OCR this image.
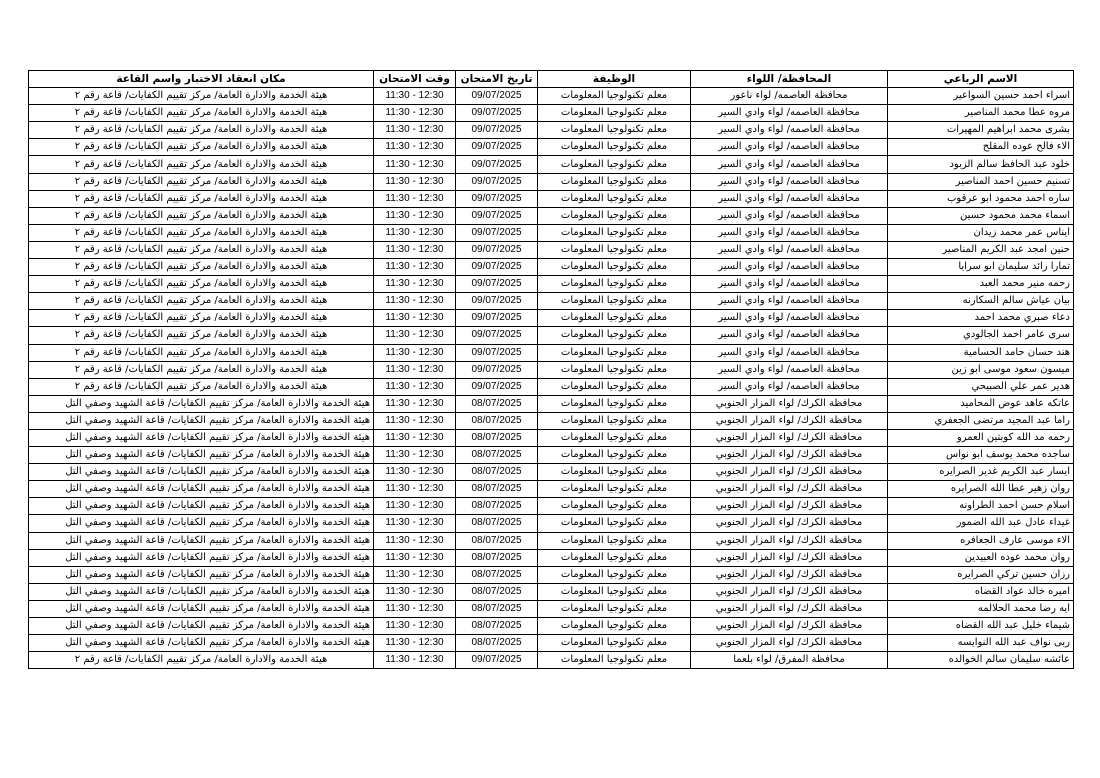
الاسم الرباعي	المحافظة/ اللواء	الوظيفة	تاريخ الامتحان	وقت الامتحان	مكان انعقاد الاختبار واسم القاعة
اسراء احمد حسين السواعير	محافظة العاصمه/ لواء ناعور	معلم تكنولوجيا المعلومات	09/07/2025	11:30 - 12:30	هيئة الخدمة والادارة العامة/ مركز تقييم الكفايات/ قاعة رقم ٢
مروه عطا محمد المناصير	محافظة العاصمه/ لواء وادي السير	معلم تكنولوجيا المعلومات	09/07/2025	11:30 - 12:30	هيئة الخدمة والادارة العامة/ مركز تقييم الكفايات/ قاعة رقم ٢
بشرى محمد ابراهيم المهيرات	محافظة العاصمه/ لواء وادي السير	معلم تكنولوجيا المعلومات	09/07/2025	11:30 - 12:30	هيئة الخدمة والادارة العامة/ مركز تقييم الكفايات/ قاعة رقم ٢
الاء فالح عوده المقلح	محافظة العاصمه/ لواء وادي السير	معلم تكنولوجيا المعلومات	09/07/2025	11:30 - 12:30	هيئة الخدمة والادارة العامة/ مركز تقييم الكفايات/ قاعة رقم ٢
خلود عبد الحافظ سالم الزبود	محافظة العاصمه/ لواء وادي السير	معلم تكنولوجيا المعلومات	09/07/2025	11:30 - 12:30	هيئة الخدمة والادارة العامة/ مركز تقييم الكفايات/ قاعة رقم ٢
تسنيم حسين احمد المناصير	محافظة العاصمه/ لواء وادي السير	معلم تكنولوجيا المعلومات	09/07/2025	11:30 - 12:30	هيئة الخدمة والادارة العامة/ مركز تقييم الكفايات/ قاعة رقم ٢
ساره احمد محمود ابو عرقوب	محافظة العاصمه/ لواء وادي السير	معلم تكنولوجيا المعلومات	09/07/2025	11:30 - 12:30	هيئة الخدمة والادارة العامة/ مركز تقييم الكفايات/ قاعة رقم ٢
اسماء محمد محمود حسين	محافظة العاصمه/ لواء وادي السير	معلم تكنولوجيا المعلومات	09/07/2025	11:30 - 12:30	هيئة الخدمة والادارة العامة/ مركز تقييم الكفايات/ قاعة رقم ٢
ايناس عمر محمد زيدان	محافظة العاصمه/ لواء وادي السير	معلم تكنولوجيا المعلومات	09/07/2025	11:30 - 12:30	هيئة الخدمة والادارة العامة/ مركز تقييم الكفايات/ قاعة رقم ٢
حنين امجد عبد الكريم المناصير	محافظة العاصمه/ لواء وادي السير	معلم تكنولوجيا المعلومات	09/07/2025	11:30 - 12:30	هيئة الخدمة والادارة العامة/ مركز تقييم الكفايات/ قاعة رقم ٢
تمارا رائد سليمان ابو سرايا	محافظة العاصمه/ لواء وادي السير	معلم تكنولوجيا المعلومات	09/07/2025	11:30 - 12:30	هيئة الخدمة والادارة العامة/ مركز تقييم الكفايات/ قاعة رقم ٢
رحمه منير محمد العبد	محافظة العاصمه/ لواء وادي السير	معلم تكنولوجيا المعلومات	09/07/2025	11:30 - 12:30	هيئة الخدمة والادارة العامة/ مركز تقييم الكفايات/ قاعة رقم ٢
بيان عياش سالم السكارنه	محافظة العاصمه/ لواء وادي السير	معلم تكنولوجيا المعلومات	09/07/2025	11:30 - 12:30	هيئة الخدمة والادارة العامة/ مركز تقييم الكفايات/ قاعة رقم ٢
دعاء صبري محمد احمد	محافظة العاصمه/ لواء وادي السير	معلم تكنولوجيا المعلومات	09/07/2025	11:30 - 12:30	هيئة الخدمة والادارة العامة/ مركز تقييم الكفايات/ قاعة رقم ٢
سرى عامر احمد الجالودي	محافظة العاصمه/ لواء وادي السير	معلم تكنولوجيا المعلومات	09/07/2025	11:30 - 12:30	هيئة الخدمة والادارة العامة/ مركز تقييم الكفايات/ قاعة رقم ٢
هند حسان حامد الحسامية	محافظة العاصمه/ لواء وادي السير	معلم تكنولوجيا المعلومات	09/07/2025	11:30 - 12:30	هيئة الخدمة والادارة العامة/ مركز تقييم الكفايات/ قاعة رقم ٢
ميسون سعود موسى ابو زين	محافظة العاصمه/ لواء وادي السير	معلم تكنولوجيا المعلومات	09/07/2025	11:30 - 12:30	هيئة الخدمة والادارة العامة/ مركز تقييم الكفايات/ قاعة رقم ٢
هدير عمر علي الصبيحي	محافظة العاصمه/ لواء وادي السير	معلم تكنولوجيا المعلومات	09/07/2025	11:30 - 12:30	هيئة الخدمة والادارة العامة/ مركز تقييم الكفايات/ قاعة رقم ٢
عاتكه عاهد عوض المحاميد	محافظة الكرك/ لواء المزار الجنوبي	معلم تكنولوجيا المعلومات	08/07/2025	11:30 - 12:30	هيئة الخدمة والادارة العامة/ مركز تقييم الكفايات/ قاعة الشهيد وصفي التل
راما عبد المجيد مرتضى الجعفري	محافظة الكرك/ لواء المزار الجنوبي	معلم تكنولوجيا المعلومات	08/07/2025	11:30 - 12:30	هيئة الخدمة والادارة العامة/ مركز تقييم الكفايات/ قاعة الشهيد وصفي التل
رحمه مد الله كوبتين العمرو	محافظة الكرك/ لواء المزار الجنوبي	معلم تكنولوجيا المعلومات	08/07/2025	11:30 - 12:30	هيئة الخدمة والادارة العامة/ مركز تقييم الكفايات/ قاعة الشهيد وصفي التل
ساجده محمد يوسف ابو نواس	محافظة الكرك/ لواء المزار الجنوبي	معلم تكنولوجيا المعلومات	08/07/2025	11:30 - 12:30	هيئة الخدمة والادارة العامة/ مركز تقييم الكفايات/ قاعة الشهيد وصفي التل
ايسار عبد الكريم غدير الصرايره	محافظة الكرك/ لواء المزار الجنوبي	معلم تكنولوجيا المعلومات	08/07/2025	11:30 - 12:30	هيئة الخدمة والادارة العامة/ مركز تقييم الكفايات/ قاعة الشهيد وصفي التل
روان زهير عطا الله الصرايره	محافظة الكرك/ لواء المزار الجنوبي	معلم تكنولوجيا المعلومات	08/07/2025	11:30 - 12:30	هيئة الخدمة والادارة العامة/ مركز تقييم الكفايات/ قاعة الشهيد وصفي التل
اسلام حسن احمد الطراونه	محافظة الكرك/ لواء المزار الجنوبي	معلم تكنولوجيا المعلومات	08/07/2025	11:30 - 12:30	هيئة الخدمة والادارة العامة/ مركز تقييم الكفايات/ قاعة الشهيد وصفي التل
غيداء عادل عبد الله الضمور	محافظة الكرك/ لواء المزار الجنوبي	معلم تكنولوجيا المعلومات	08/07/2025	11:30 - 12:30	هيئة الخدمة والادارة العامة/ مركز تقييم الكفايات/ قاعة الشهيد وصفي التل
الاء موسى عارف الجعافره	محافظة الكرك/ لواء المزار الجنوبي	معلم تكنولوجيا المعلومات	08/07/2025	11:30 - 12:30	هيئة الخدمة والادارة العامة/ مركز تقييم الكفايات/ قاعة الشهيد وصفي التل
روان محمد عوده العبيدين	محافظة الكرك/ لواء المزار الجنوبي	معلم تكنولوجيا المعلومات	08/07/2025	11:30 - 12:30	هيئة الخدمة والادارة العامة/ مركز تقييم الكفايات/ قاعة الشهيد وصفي التل
رزان حسين تركي الصرايره	محافظة الكرك/ لواء المزار الجنوبي	معلم تكنولوجيا المعلومات	08/07/2025	11:30 - 12:30	هيئة الخدمة والادارة العامة/ مركز تقييم الكفايات/ قاعة الشهيد وصفي التل
اميره خالد عواد القضاه	محافظة الكرك/ لواء المزار الجنوبي	معلم تكنولوجيا المعلومات	08/07/2025	11:30 - 12:30	هيئة الخدمة والادارة العامة/ مركز تقييم الكفايات/ قاعة الشهيد وصفي التل
ايه رضا محمد الحلالمه	محافظة الكرك/ لواء المزار الجنوبي	معلم تكنولوجيا المعلومات	08/07/2025	11:30 - 12:30	هيئة الخدمة والادارة العامة/ مركز تقييم الكفايات/ قاعة الشهيد وصفي التل
شيماء خليل عبد الله القضاه	محافظة الكرك/ لواء المزار الجنوبي	معلم تكنولوجيا المعلومات	08/07/2025	11:30 - 12:30	هيئة الخدمة والادارة العامة/ مركز تقييم الكفايات/ قاعة الشهيد وصفي التل
ربى نواف عبد الله النوايسه	محافظة الكرك/ لواء المزار الجنوبي	معلم تكنولوجيا المعلومات	08/07/2025	11:30 - 12:30	هيئة الخدمة والادارة العامة/ مركز تقييم الكفايات/ قاعة الشهيد وصفي التل
عائشه سليمان سالم الخوالده	محافظة المفرق/ لواء بلعما	معلم تكنولوجيا المعلومات	09/07/2025	11:30 - 12:30	هيئة الخدمة والادارة العامة/ مركز تقييم الكفايات/ قاعة رقم ٢
